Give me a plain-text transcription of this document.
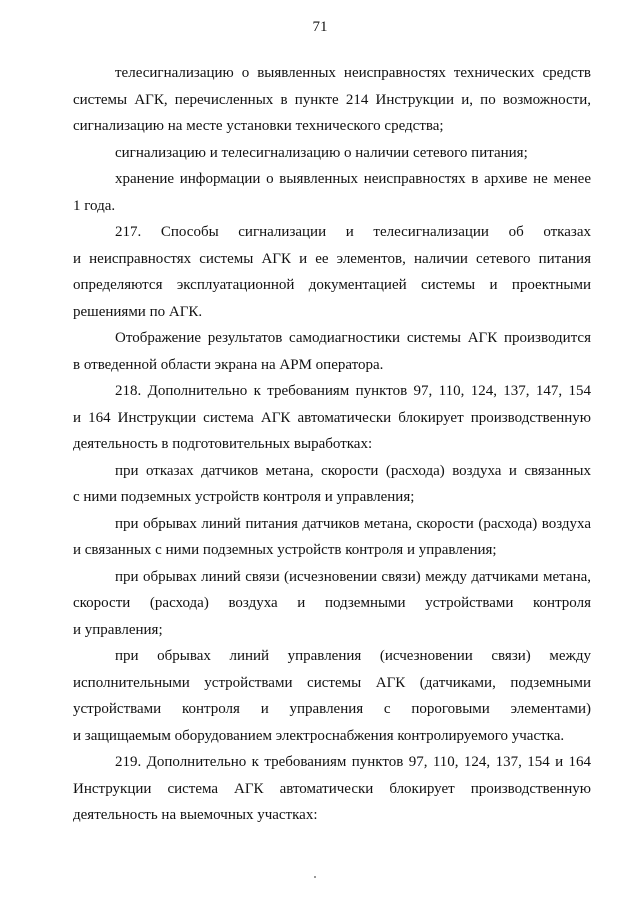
71
телесигнализацию о выявленных неисправностях технических средств
системы АГК, перечисленных в пункте 214 Инструкции и, по возможности,
сигнализацию на месте установки технического средства;
сигнализацию и телесигнализацию о наличии сетевого питания;
хранение информации о выявленных неисправностях в архиве не менее
1 года.
217. Способы сигнализации и телесигнализации об отказах
и неисправностях системы АГК и ее элементов, наличии сетевого питания
определяются эксплуатационной документацией системы и проектными
решениями по АГК.
Отображение результатов самодиагностики системы АГК производится
в отведенной области экрана на АРМ оператора.
218. Дополнительно к требованиям пунктов 97, 110, 124, 137, 147, 154
и 164 Инструкции система АГК автоматически блокирует производственную
деятельность в подготовительных выработках:
при отказах датчиков метана, скорости (расхода) воздуха и связанных
с ними подземных устройств контроля и управления;
при обрывах линий питания датчиков метана, скорости (расхода) воздуха
и связанных с ними подземных устройств контроля и управления;
при обрывах линий связи (исчезновении связи) между датчиками метана,
скорости (расхода) воздуха и подземными устройствами контроля
и управления;
при обрывах линий управления (исчезновении связи) между
исполнительными устройствами системы АГК (датчиками, подземными
устройствами контроля и управления с пороговыми элементами)
и защищаемым оборудованием электроснабжения контролируемого участка.
219. Дополнительно к требованиям пунктов 97, 110, 124, 137, 154 и 164
Инструкции система АГК автоматически блокирует производственную
деятельность на выемочных участках:
